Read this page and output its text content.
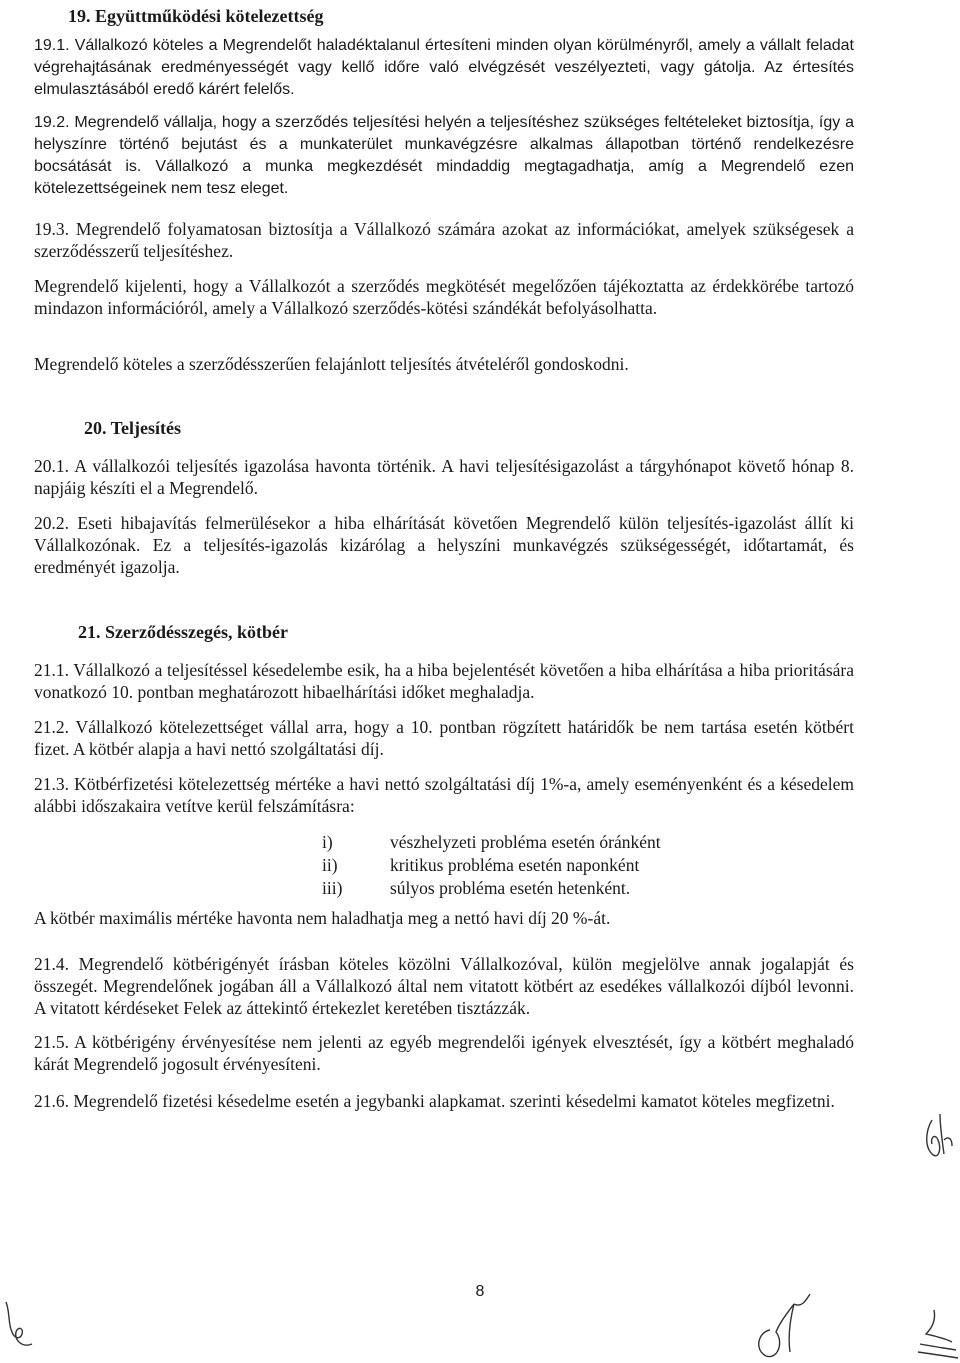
19. Együttműködési kötelezettség

19.1. Vállalkozó köteles a Megrendelőt haladéktalanul értesíteni minden olyan körülményről, amely a vállalt feladat végrehajtásának eredményességét vagy kellő időre való elvégzését veszélyezteti, vagy gátolja. Az értesítés elmulasztásából eredő kárért felelős.

19.2. Megrendelő vállalja, hogy a szerződés teljesítési helyén a teljesítéshez szükséges feltételeket biztosítja, így a helyszínre történő bejutást és a munkaterület munkavégzésre alkalmas állapotban történő rendelkezésre bocsátását is. Vállalkozó a munka megkezdését mindaddig megtagadhatja, amíg a Megrendelő ezen kötelezettségeinek nem tesz eleget.

19.3. Megrendelő folyamatosan biztosítja a Vállalkozó számára azokat az információkat, amelyek szükségesek a szerződésszerű teljesítéshez.

Megrendelő kijelenti, hogy a Vállalkozót a szerződés megkötését megelőzően tájékoztatta az érdekkörébe tartozó mindazon információról, amely a Vállalkozó szerződés-kötési szándékát befolyásolhatta.

Megrendelő köteles a szerződésszerűen felajánlott teljesítés átvételéről gondoskodni.

20. Teljesítés

20.1. A vállalkozói teljesítés igazolása havonta történik. A havi teljesítésigazolást a tárgyhónapot követő hónap 8. napjáig készíti el a Megrendelő.

20.2. Eseti hibajavítás felmerülésekor a hiba elhárítását követően Megrendelő külön teljesítés-igazolást állít ki Vállalkozónak. Ez a teljesítés-igazolás kizárólag a helyszíni munkavégzés szükségességét, időtartamát, és eredményét igazolja.

21. Szerződésszegés, kötbér

21.1. Vállalkozó a teljesítéssel késedelembe esik, ha a hiba bejelentését követően a hiba elhárítása a hiba prioritására vonatkozó 10. pontban meghatározott hibaelhárítási időket meghaladja.

21.2. Vállalkozó kötelezettséget vállal arra, hogy a 10. pontban rögzített határidők be nem tartása esetén kötbért fizet. A kötbér alapja a havi nettó szolgáltatási díj.

21.3. Kötbérfizetési kötelezettség mértéke a havi nettó szolgáltatási díj 1%-a, amely eseményenként és a késedelem alábbi időszakaira vetítve kerül felszámításra:

i)	vészhelyzeti probléma esetén óránként
ii)	kritikus probléma esetén naponként
iii)	súlyos probléma esetén hetenként.

A kötbér maximális mértéke havonta nem haladhatja meg a nettó havi díj 20 %-át.

21.4. Megrendelő kötbérigényét írásban köteles közölni Vállalkozóval, külön megjelölve annak jogalapját és összegét. Megrendelőnek jogában áll a Vállalkozó által nem vitatott kötbért az esedékes vállalkozói díjból levonni. A vitatott kérdéseket Felek az áttekintő értekezlet keretében tisztázzák.

21.5. A kötbérigény érvényesítése nem jelenti az egyéb megrendelői igények elvesztését, így a kötbért meghaladó kárát Megrendelő jogosult érvényesíteni.

21.6. Megrendelő fizetési késedelme esetén a jegybanki alapkamat. szerinti késedelmi kamatot köteles megfizetni.

8
